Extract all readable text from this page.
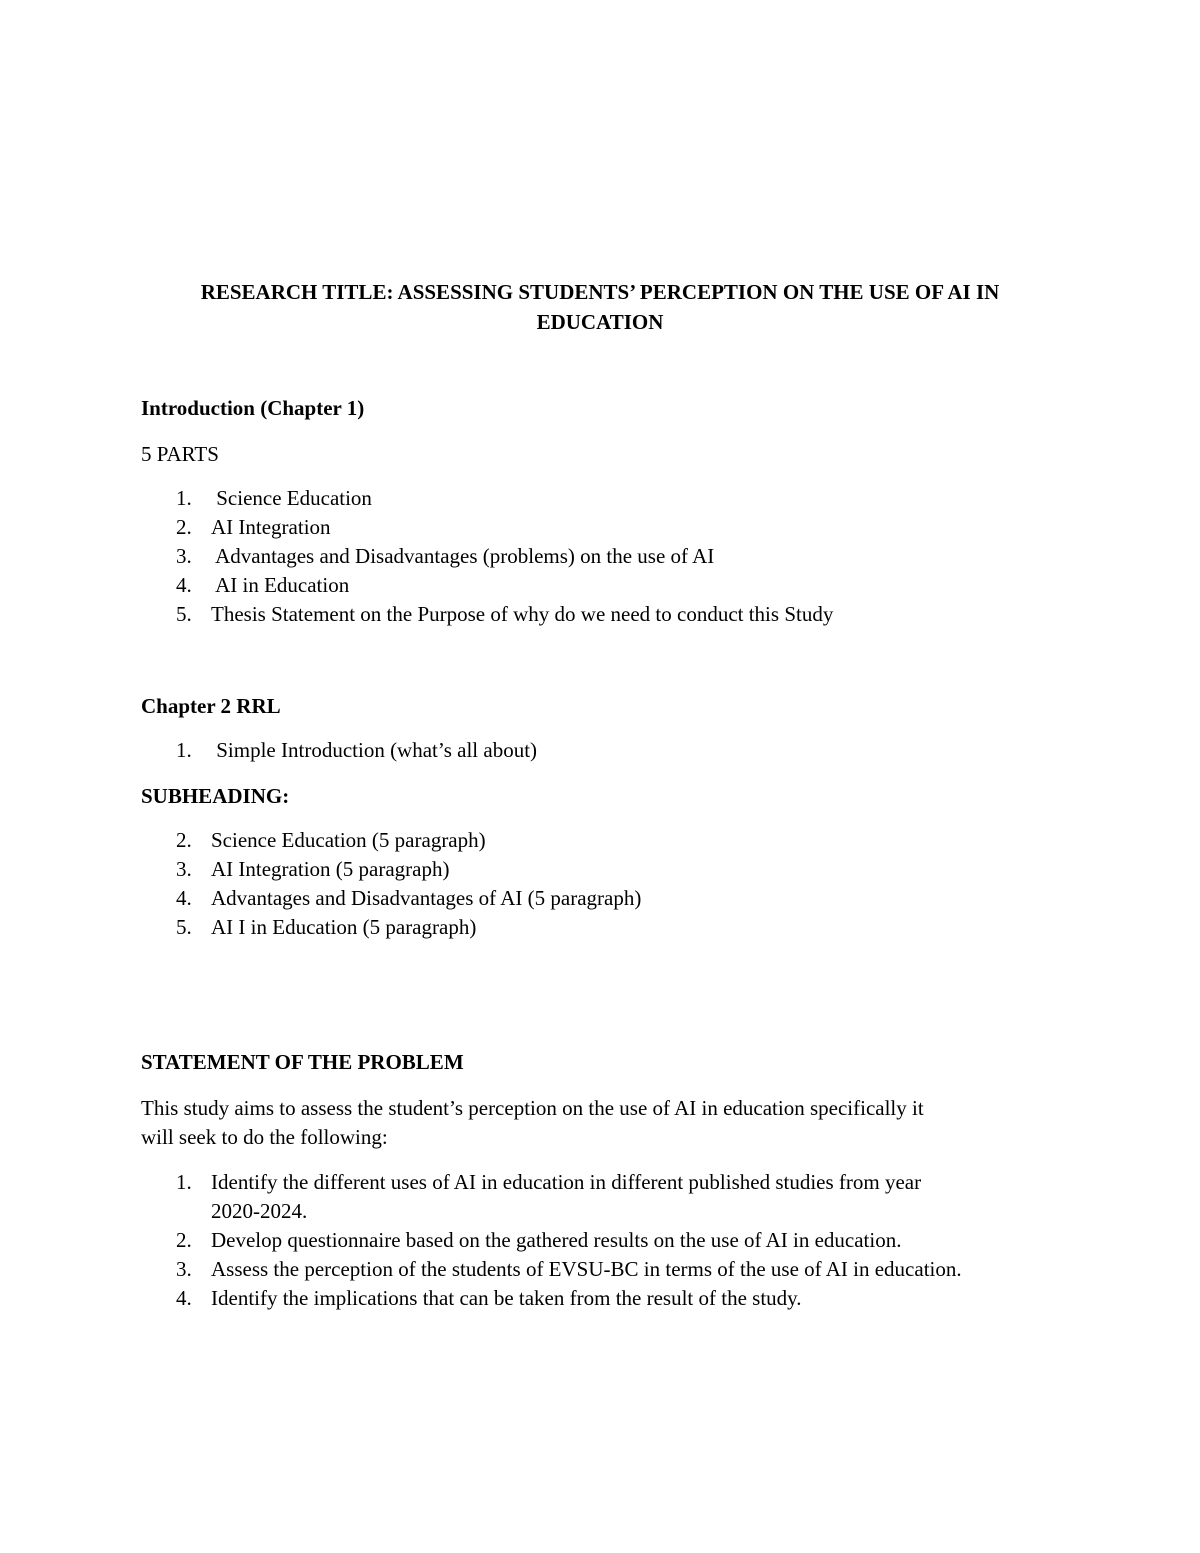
RESEARCH TITLE: ASSESSING STUDENTS’ PERCEPTION ON THE USE OF AI IN
EDUCATION

Introduction (Chapter 1)

5 PARTS

1. Science Education
2. AI Integration
3. Advantages and Disadvantages (problems) on the use of AI
4. AI in Education
5. Thesis Statement on the Purpose of why do we need to conduct this Study

Chapter 2 RRL

1. Simple Introduction (what’s all about)

SUBHEADING:

2. Science Education (5 paragraph)
3. AI Integration (5 paragraph)
4. Advantages and Disadvantages of AI (5 paragraph)
5. AI I in Education (5 paragraph)

STATEMENT OF THE PROBLEM

This study aims to assess the student’s perception on the use of AI in education specifically it

will seek to do the following:

1. Identify the different uses of AI in education in different published studies from year
2020-2024.
2. Develop questionnaire based on the gathered results on the use of AI in education.
3. Assess the perception of the students of EVSU-BC in terms of the use of AI in education.
4. Identify the implications that can be taken from the result of the study.
